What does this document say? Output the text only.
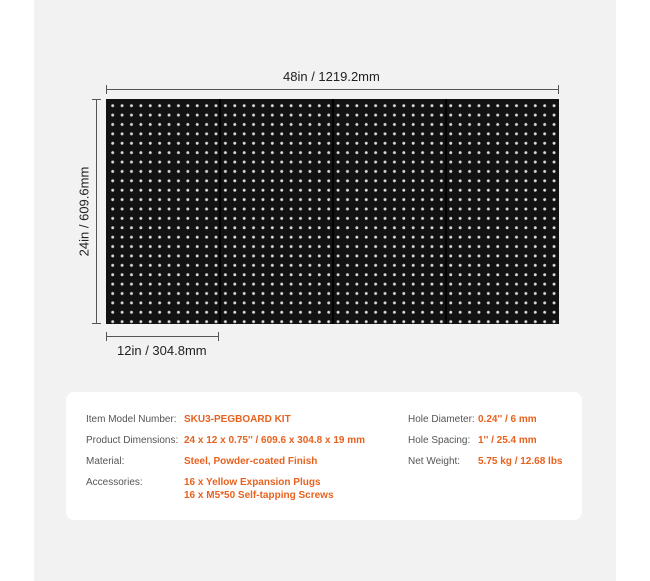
48in / 1219.2mm
24in / 609.6mm
12in / 304.8mm
Item Model Number: SKU3-PEGBOARD KIT
Product Dimensions: 24 x 12 x 0.75'' / 609.6 x 304.8 x 19 mm
Material:	Steel, Powder-coated Finish
Accessories:	16 x Yellow Expansion Plugs
16 x M5*50 Self-tapping Screws
Hole Diameter: 0.24'' / 6 mm
Hole Spacing: 1'' / 25.4 mm
Net Weight: 5.75 kg / 12.68 lbs
